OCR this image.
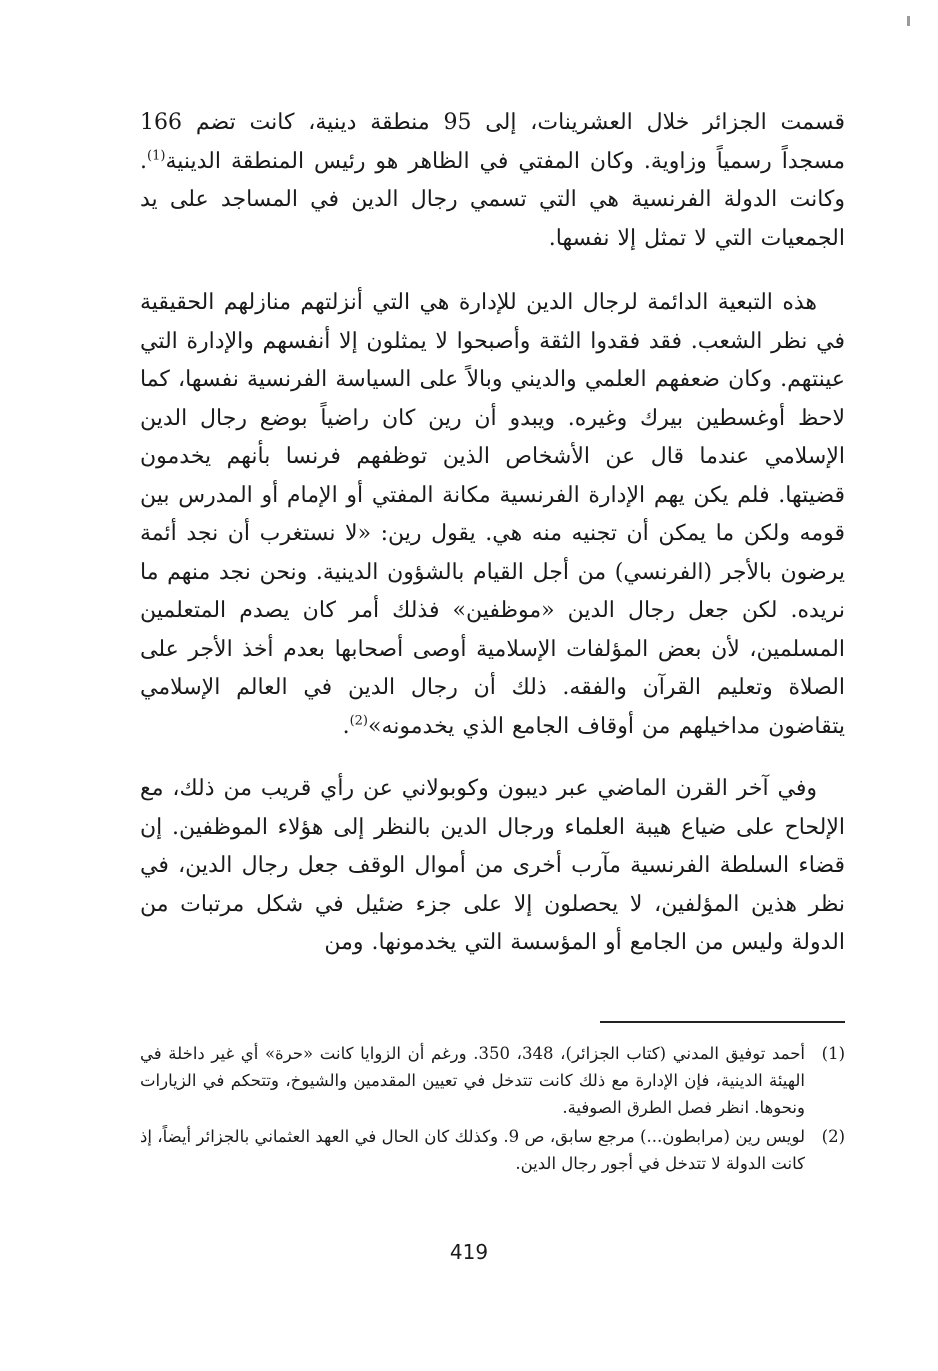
قسمت الجزائر خلال العشرينات، إلى 95 منطقة دينية، كانت تضم 166 مسجداً رسمياً وزاوية. وكان المفتي في الظاهر هو رئيس المنطقة الدينية$^{(1)}$. وكانت الدولة الفرنسية هي التي تسمي رجال الدين في المساجد على يد الجمعيات التي لا تمثل إلا نفسها.

هذه التبعية الدائمة لرجال الدين للإدارة هي التي أنزلتهم منازلهم الحقيقية في نظر الشعب. فقد فقدوا الثقة وأصبحوا لا يمثلون إلا أنفسهم والإدارة التي عينتهم. وكان ضعفهم العلمي والديني وبالاً على السياسة الفرنسية نفسها، كما لاحظ أوغسطين بيرك وغيره. ويبدو أن رين كان راضياً بوضع رجال الدين الإسلامي عندما قال عن الأشخاص الذين توظفهم فرنسا بأنهم يخدمون قضيتها. فلم يكن يهم الإدارة الفرنسية مكانة المفتي أو الإمام أو المدرس بين قومه ولكن ما يمكن أن تجنيه منه هي. يقول رين: «لا نستغرب أن نجد أئمة يرضون بالأجر (الفرنسي) من أجل القيام بالشؤون الدينية. ونحن نجد منهم ما نريده. لكن جعل رجال الدين «موظفين» فذلك أمر كان يصدم المتعلمين المسلمين، لأن بعض المؤلفات الإسلامية أوصى أصحابها بعدم أخذ الأجر على الصلاة وتعليم القرآن والفقه. ذلك أن رجال الدين في العالم الإسلامي يتقاضون مداخيلهم من أوقاف الجامع الذي يخدمونه»$^{(2)}$.

وفي آخر القرن الماضي عبر ديبون وكوبولاني عن رأي قريب من ذلك، مع الإلحاح على ضياع هيبة العلماء ورجال الدين بالنظر إلى هؤلاء الموظفين. إن قضاء السلطة الفرنسية مآرب أخرى من أموال الوقف جعل رجال الدين، في نظر هذين المؤلفين، لا يحصلون إلا على جزء ضئيل في شكل مرتبات من الدولة وليس من الجامع أو المؤسسة التي يخدمونها. ومن

(1)
أحمد توفيق المدني (كتاب الجزائر)، 348، 350. ورغم أن الزوايا كانت «حرة» أي غير داخلة في الهيئة الدينية، فإن الإدارة مع ذلك كانت تتدخل في تعيين المقدمين والشيوخ، وتتحكم في الزيارات ونحوها. انظر فصل الطرق الصوفية.
(2)
لويس رين (مرابطون...) مرجع سابق، ص 9. وكذلك كان الحال في العهد العثماني بالجزائر أيضاً، إذ كانت الدولة لا تتدخل في أجور رجال الدين.
419
